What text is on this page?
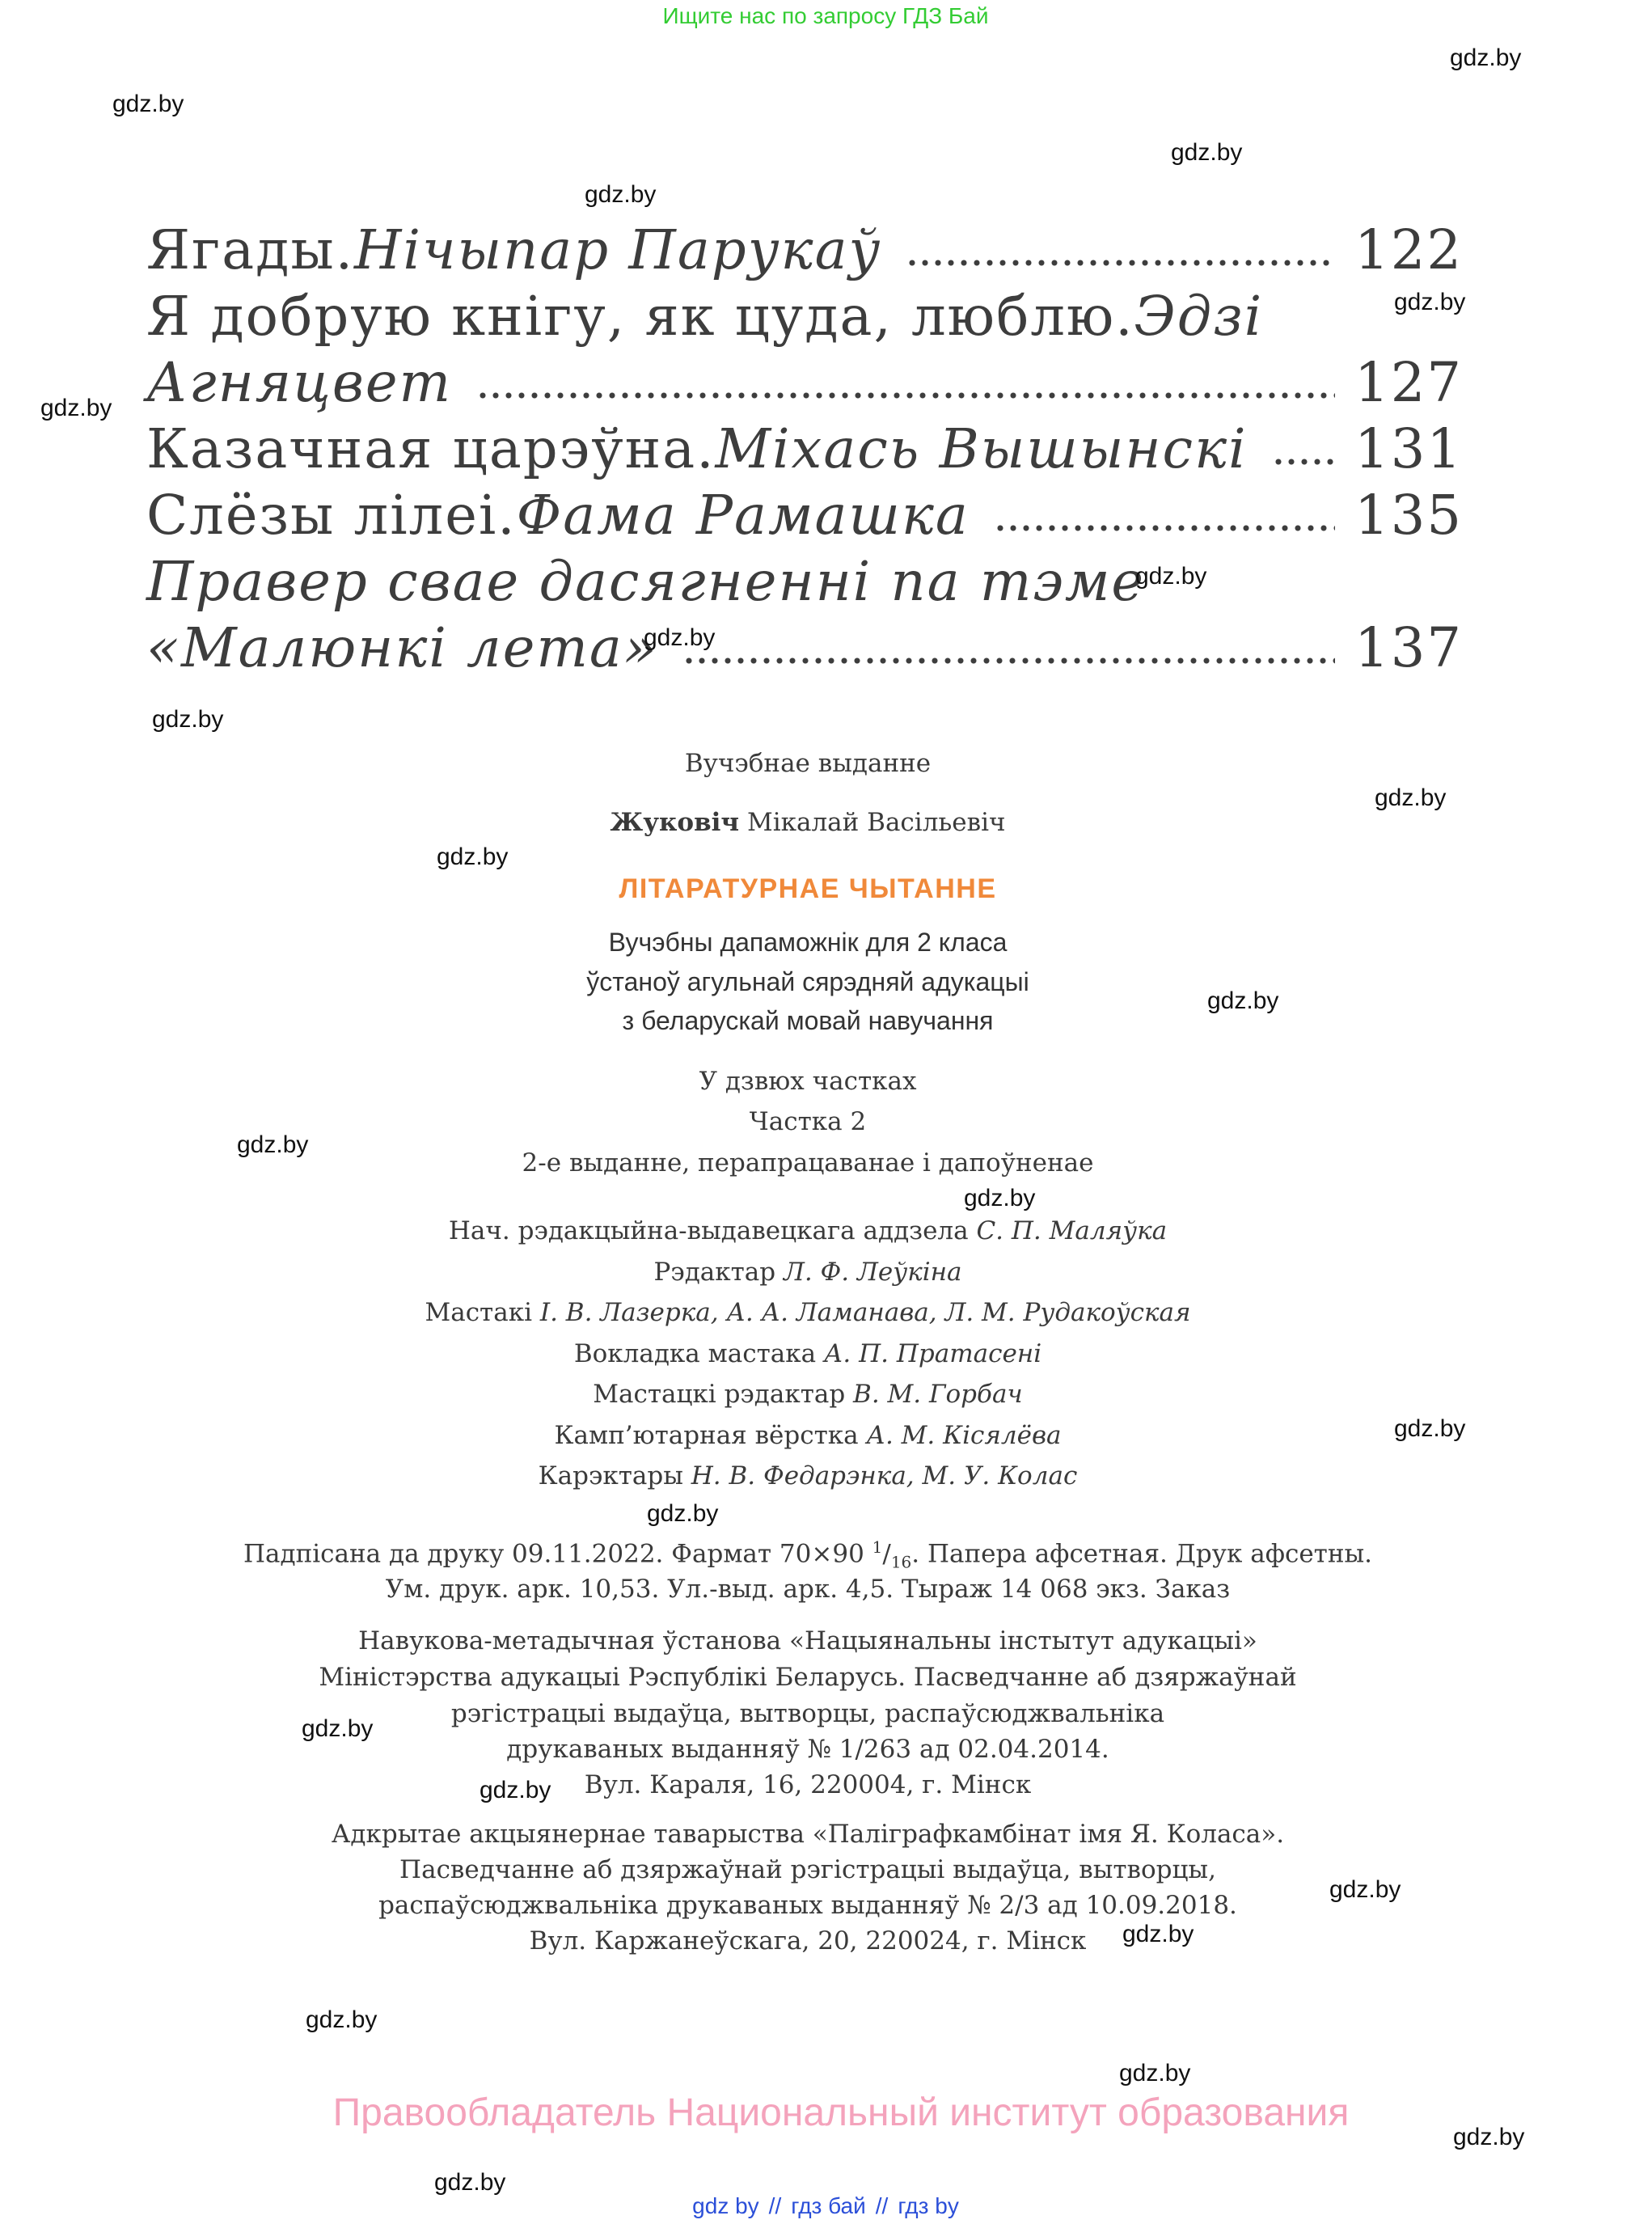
Ищите нас по запросу ГДЗ Бай
Ягады. Нічыпар Парукаў	122
Я добрую кнігу, як цуда, люблю. Эдзі
Агняцвет	127
Казачная царэўна. Міхась Вышынскі 131
Слёзы лілеі. Фама Рамашка	135
Правер свае дасягненні па тэме
«Малюнкі лета»	137
Вучэбнае выданне
Жуковіч Мікалай Васільевіч
ЛІТАРАТУРНАЕ ЧЫТАННЕ
Вучэбны дапаможнік для 2 класа
ўстаноў агульнай сярэдняй адукацыі
з беларускай мовай навучання
У дзвюх частках
Частка 2
2-е выданне, перапрацаванае і дапоўненае
Нач. рэдакцыйна-выдавецкага аддзела С. П. Маляўка
Рэдактар Л. Ф. Леўкіна
Мастакі І. В. Лазерка, А. А. Ламанава, Л. М. Рудакоўская
Вокладка мастака А. П. Пратасені
Мастацкі рэдактар В. М. Горбач
Камп’ютарная вёрстка А. М. Кісялёва
Карэктары Н. В. Федарэнка, М. У. Колас
Падпісана да друку 09.11.2022. Фармат 70×90 $^1/_{16}$. Папера афсетная. Друк афсетны.
Ум. друк. арк. 10,53. Ул.-выд. арк. 4,5. Тыраж 14 068 экз. Заказ
Навукова-метадычная ўстанова «Нацыянальны інстытут адукацыі»
Міністэрства адукацыі Рэспублікі Беларусь. Пасведчанне аб дзяржаўнай
рэгістрацыі выдаўца, вытворцы, распаўсюджвальніка
друкаваных выданняў № 1/263 ад 02.04.2014.
Вул. Караля, 16, 220004, г. Мінск
Адкрытае акцыянернае таварыства «Паліграфкамбінат імя Я. Коласа».
Пасведчанне аб дзяржаўнай рэгістрацыі выдаўца, вытворцы,
распаўсюджвальніка друкаваных выданняў № 2/3 ад 10.09.2018.
Вул. Каржанеўскага, 20, 220024, г. Мінск
gdz.by
gdz.by
gdz.by
gdz.by
gdz.by
gdz.by
gdz.by
gdz.by
gdz.by
gdz.by
gdz.by
gdz.by
gdz.by
gdz.by
gdz.by
gdz.by
gdz.by
gdz.by
gdz.by
gdz.by
gdz.by
gdz.by
gdz.by
gdz.by
Правообладатель Национальный институт образования
gdz by // гдз бай // гдз by
